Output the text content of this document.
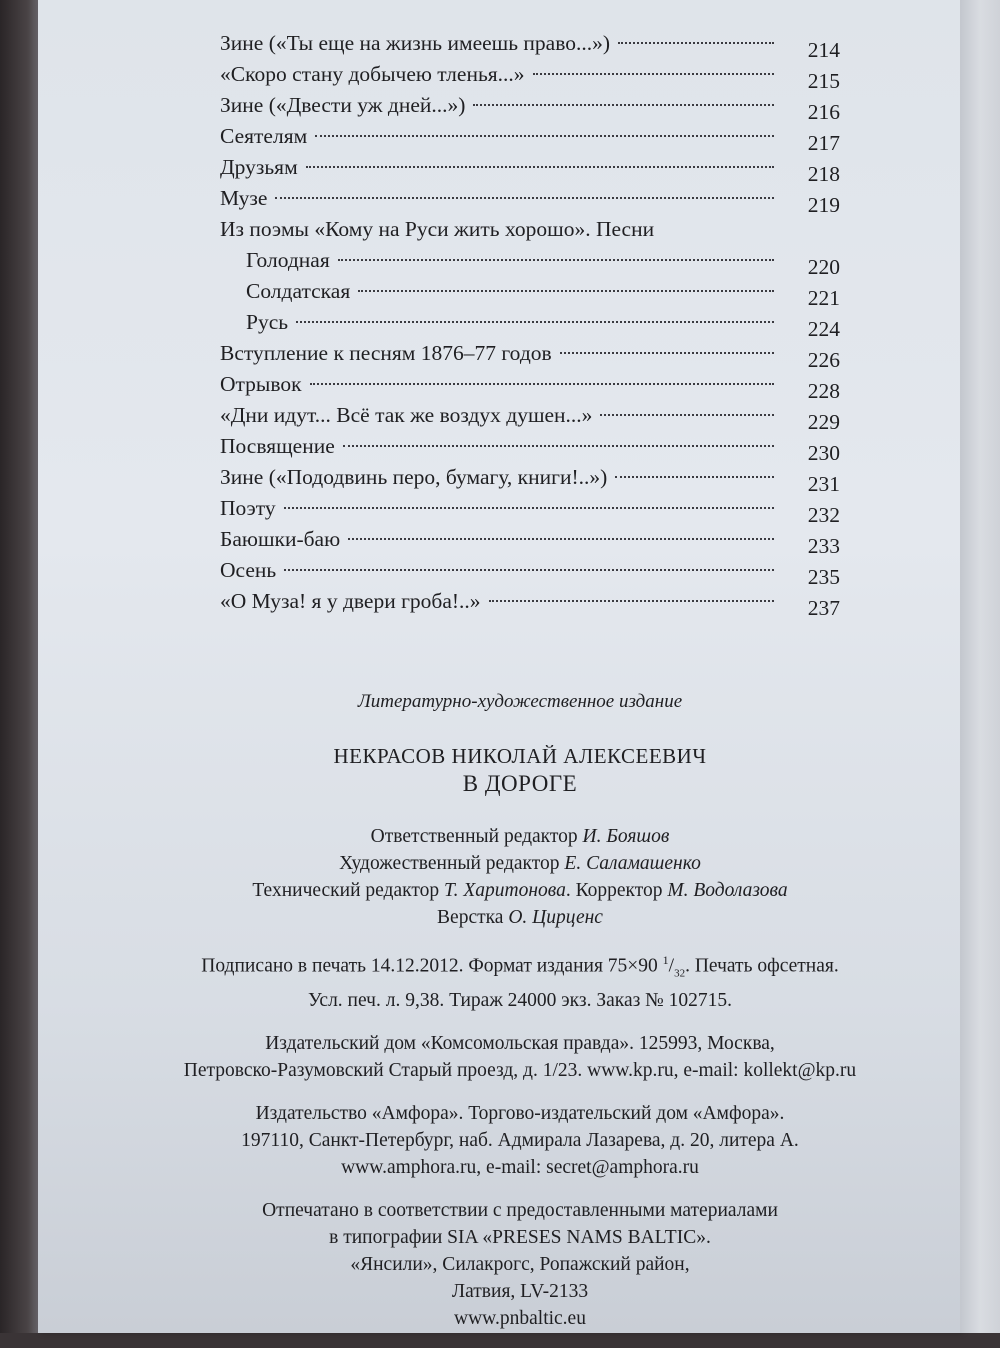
Зине («Ты еще на жизнь имеешь право...»)	214
«Скоро стану добычею тленья...»	215
Зине («Двести уж дней...»)	216
Сеятелям	217
Друзьям	218
Музе	219
Из поэмы «Кому на Руси жить хорошо». Песни
Голодная	220
Солдатская	221
Русь	224
Вступление к песням 1876–77 годов	226
Отрывок	228
«Дни идут... Всё так же воздух душен...»	229
Посвящение	230
Зине («Пододвинь перо, бумагу, книги!..»)	231
Поэту	232
Баюшки-баю	233
Осень	235
«О Муза! я у двери гроба!..»	237

Литературно-художественное издание

НЕКРАСОВ НИКОЛАЙ АЛЕКСЕЕВИЧ

В ДОРОГЕ

Ответственный редактор И. Бояшов

Художественный редактор Е. Саламашенко

Технический редактор Т. Харитонова. Корректор М. Водолазова

Верстка О. Цирценс

Подписано в печать 14.12.2012. Формат издания 75×90 $^1/_{32}$. Печать офсетная.

Усл. печ. л. 9,38. Тираж 24000 экз. Заказ № 102715.

Издательский дом «Комсомольская правда». 125993, Москва,

Петровско-Разумовский Старый проезд, д. 1/23. www.kp.ru, e-mail: kollekt@kp.ru

Издательство «Амфора». Торгово-издательский дом «Амфора».

197110, Санкт-Петербург, наб. Адмирала Лазарева, д. 20, литера А.

www.amphora.ru, e-mail: secret@amphora.ru

Отпечатано в соответствии с предоставленными материалами

в типографии SIA «PRESES NAMS BALTIC».

«Янсили», Силакрогс, Ропажский район,

Латвия, LV-2133

www.pnbaltic.eu
